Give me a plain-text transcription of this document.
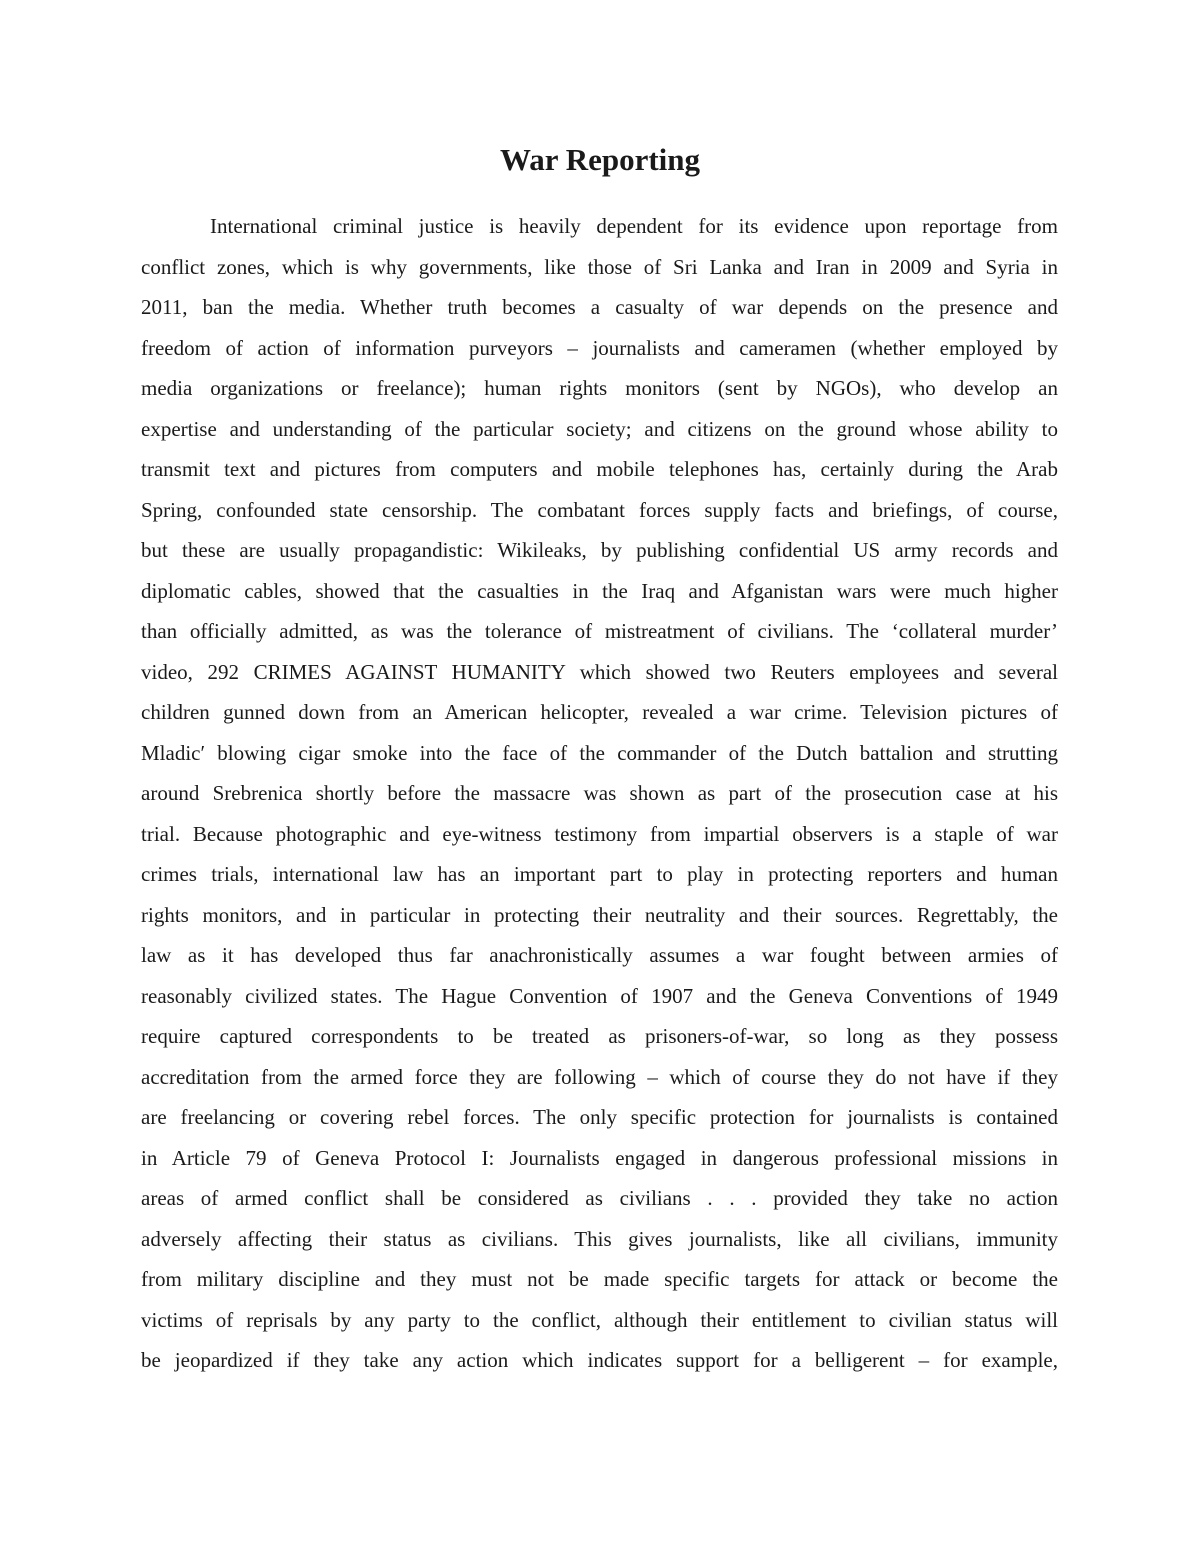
War Reporting
International criminal justice is heavily dependent for its evidence upon reportage from
conflict zones, which is why governments, like those of Sri Lanka and Iran in 2009 and Syria in
2011, ban the media. Whether truth becomes a casualty of war depends on the presence and
freedom of action of information purveyors – journalists and cameramen (whether employed by
media organizations or freelance); human rights monitors (sent by NGOs), who develop an
expertise and understanding of the particular society; and citizens on the ground whose ability to
transmit text and pictures from computers and mobile telephones has, certainly during the Arab
Spring, confounded state censorship. The combatant forces supply facts and briefings, of course,
but these are usually propagandistic: Wikileaks, by publishing confidential US army records and
diplomatic cables, showed that the casualties in the Iraq and Afganistan wars were much higher
than officially admitted, as was the tolerance of mistreatment of civilians. The ‘collateral murder’
video, 292 CRIMES AGAINST HUMANITY which showed two Reuters employees and several
children gunned down from an American helicopter, revealed a war crime. Television pictures of
Mladic′ blowing cigar smoke into the face of the commander of the Dutch battalion and strutting
around Srebrenica shortly before the massacre was shown as part of the prosecution case at his
trial. Because photographic and eye-witness testimony from impartial observers is a staple of war
crimes trials, international law has an important part to play in protecting reporters and human
rights monitors, and in particular in protecting their neutrality and their sources. Regrettably, the
law as it has developed thus far anachronistically assumes a war fought between armies of
reasonably civilized states. The Hague Convention of 1907 and the Geneva Conventions of 1949
require captured correspondents to be treated as prisoners-of-war, so long as they possess
accreditation from the armed force they are following – which of course they do not have if they
are freelancing or covering rebel forces. The only specific protection for journalists is contained
in Article 79 of Geneva Protocol I: Journalists engaged in dangerous professional missions in
areas of armed conflict shall be considered as civilians . . . provided they take no action
adversely affecting their status as civilians. This gives journalists, like all civilians, immunity
from military discipline and they must not be made specific targets for attack or become the
victims of reprisals by any party to the conflict, although their entitlement to civilian status will
be jeopardized if they take any action which indicates support for a belligerent – for example,
